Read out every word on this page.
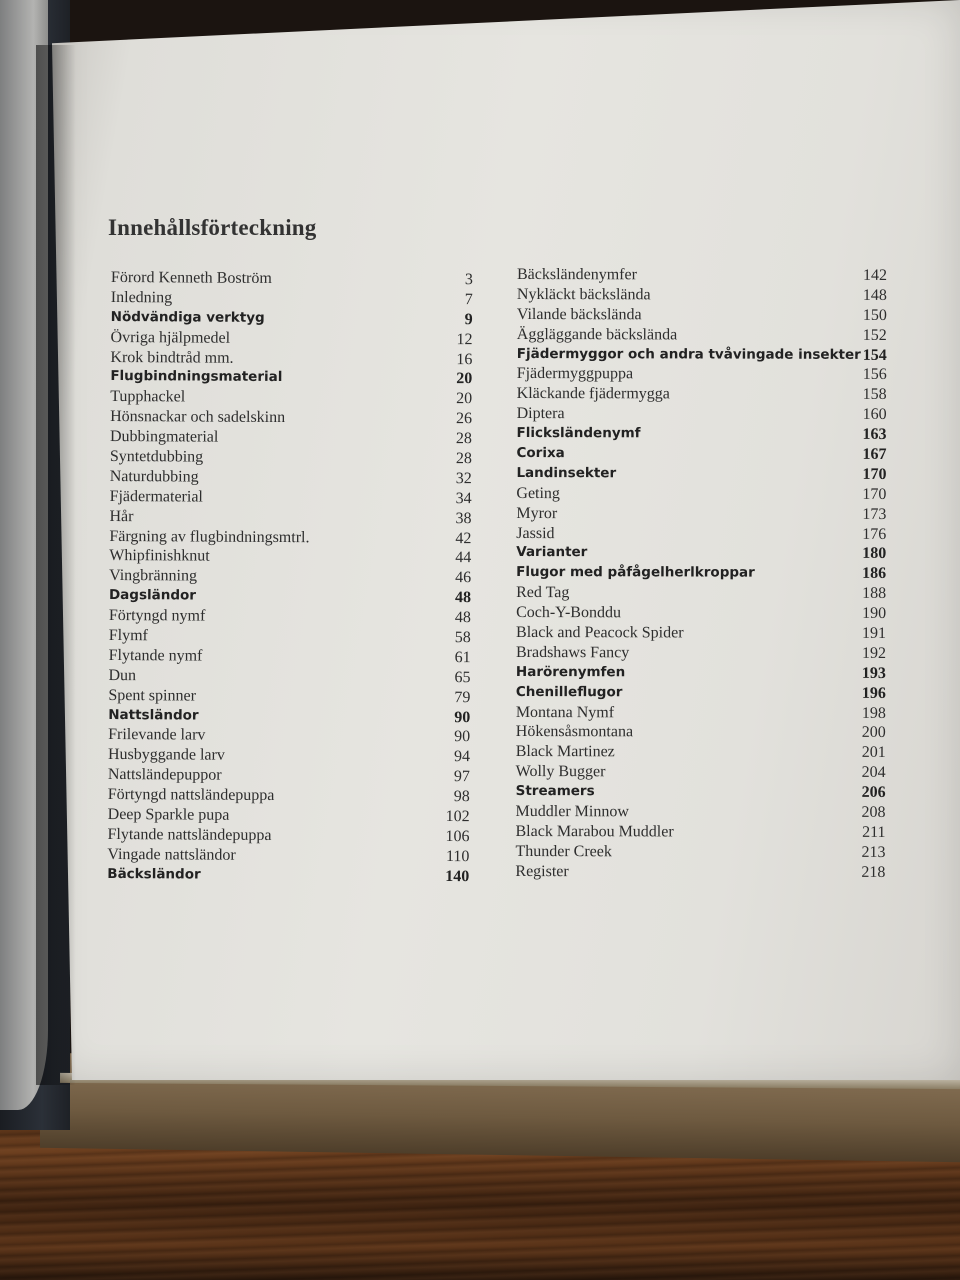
Innehållsförteckning
Förord Kenneth Boström	3
Inledning	7
Nödvändiga verktyg	9
Övriga hjälpmedel	12
Krok bindtråd mm.	16
Flugbindningsmaterial	20
Tupphackel	20
Hönsnackar och sadelskinn	26
Dubbingmaterial	28
Syntetdubbing	28
Naturdubbing	32
Fjädermaterial	34
Hår	38
Färgning av flugbindningsmtrl.	42
Whipfinishknut	44
Vingbränning	46
Dagsländor	48
Förtyngd nymf	48
Flymf	58
Flytande nymf	61
Dun	65
Spent spinner	79
Nattsländor	90
Frilevande larv	90
Husbyggande larv	94
Nattsländepuppor	97
Förtyngd nattsländepuppa	98
Deep Sparkle pupa	102
Flytande nattsländepuppa	106
Vingade nattsländor	110
Bäcksländor	140
Bäcksländenymfer	142
Nykläckt bäcksländа	148
Vilande bäcksländа	150
Äggläggande bäcksländа	152
Fjädermyggor och andra tvåvingade insekter 154
Fjädermyggpuppa	156
Kläckande fjädermygga	158
Diptera	160
Flicksländenymf	163
Corixa	167
Landinsekter	170
Geting	170
Myror	173
Jassid	176
Varianter	180
Flugor med påfågelherlkroppar	186
Red Tag	188
Coch-Y-Bonddu	190
Black and Peacock Spider	191
Bradshaws Fancy	192
Harörenymfen	193
Chenilleflugor	196
Montana Nymf	198
Hökensåsmontana	200
Black Martinez	201
Wolly Bugger	204
Streamers	206
Muddler Minnow	208
Black Marabou Muddler	211
Thunder Creek	213
Register	218
